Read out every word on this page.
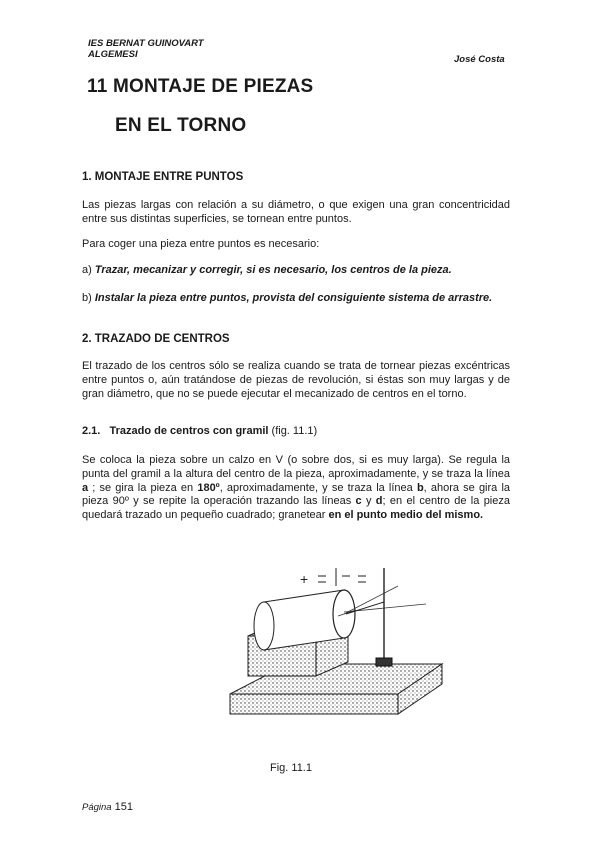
IES BERNAT GUINOVART
ALGEMESI	José Costa
11 MONTAJE DE PIEZAS
EN EL TORNO
1. MONTAJE ENTRE PUNTOS
Las piezas largas con relación a su diámetro, o que exigen una gran concentricidad entre sus distintas superficies, se tornean entre puntos.
Para coger una pieza entre puntos es necesario:
a) Trazar, mecanizar y corregir, si es necesario, los centros de la pieza.
b) Instalar la pieza entre puntos, provista del consiguiente sistema de arrastre.
2. TRAZADO DE CENTROS
El trazado de los centros sólo se realiza cuando se trata de tornear piezas excéntricas entre puntos o, aún tratándose de piezas de revolución, si éstas son muy largas y de gran diámetro, que no se puede ejecutar el mecanizado de centros en el torno.
2.1. Trazado de centros con gramil (fig. 11.1)
Se coloca la pieza sobre un calzo en V (o sobre dos, si es muy larga). Se regula la punta del gramil a la altura del centro de la pieza, aproximadamente, y se traza la línea a ; se gira la pieza en 180º, aproximadamente, y se traza la línea b, ahora se gira la pieza 90º y se repite la operación trazando las líneas c y d; en el centro de la pieza quedará trazado un pequeño cuadrado; granetear en el punto medio del mismo.
+
Fig. 11.1
Página 151
